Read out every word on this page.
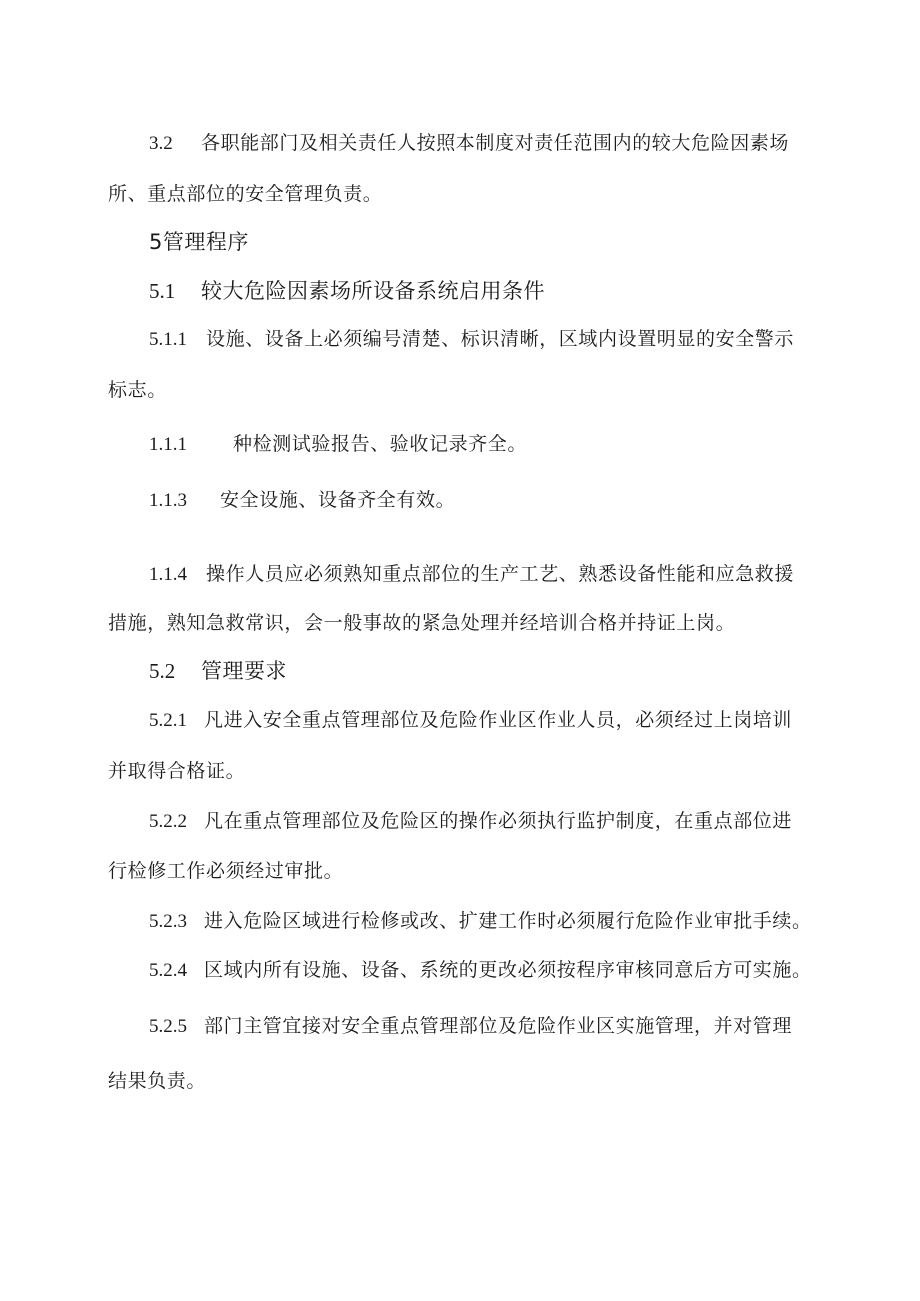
3.2 各职能部门及相关责任人按照本制度对责任范围内的较大危险因素场
所、重点部位的安全管理负责。
5管理程序
5.1 较大危险因素场所设备系统启用条件
5.1.1 设施、设备上必须编号清楚、标识清晰，区域内设置明显的安全警示
标志。
1.1.1 种检测试验报告、验收记录齐全。
1.1.3 安全设施、设备齐全有效。
1.1.4 操作人员应必须熟知重点部位的生产工艺、熟悉设备性能和应急救援
措施，熟知急救常识，会一般事故的紧急处理并经培训合格并持证上岗。
5.2 管理要求
5.2.1 凡进入安全重点管理部位及危险作业区作业人员，必须经过上岗培训
并取得合格证。
5.2.2 凡在重点管理部位及危险区的操作必须执行监护制度，在重点部位进
行检修工作必须经过审批。
5.2.3 进入危险区域进行检修或改、扩建工作时必须履行危险作业审批手续。
5.2.4 区域内所有设施、设备、系统的更改必须按程序审核同意后方可实施。
5.2.5 部门主管宜接对安全重点管理部位及危险作业区实施管理，并对管理
结果负责。
